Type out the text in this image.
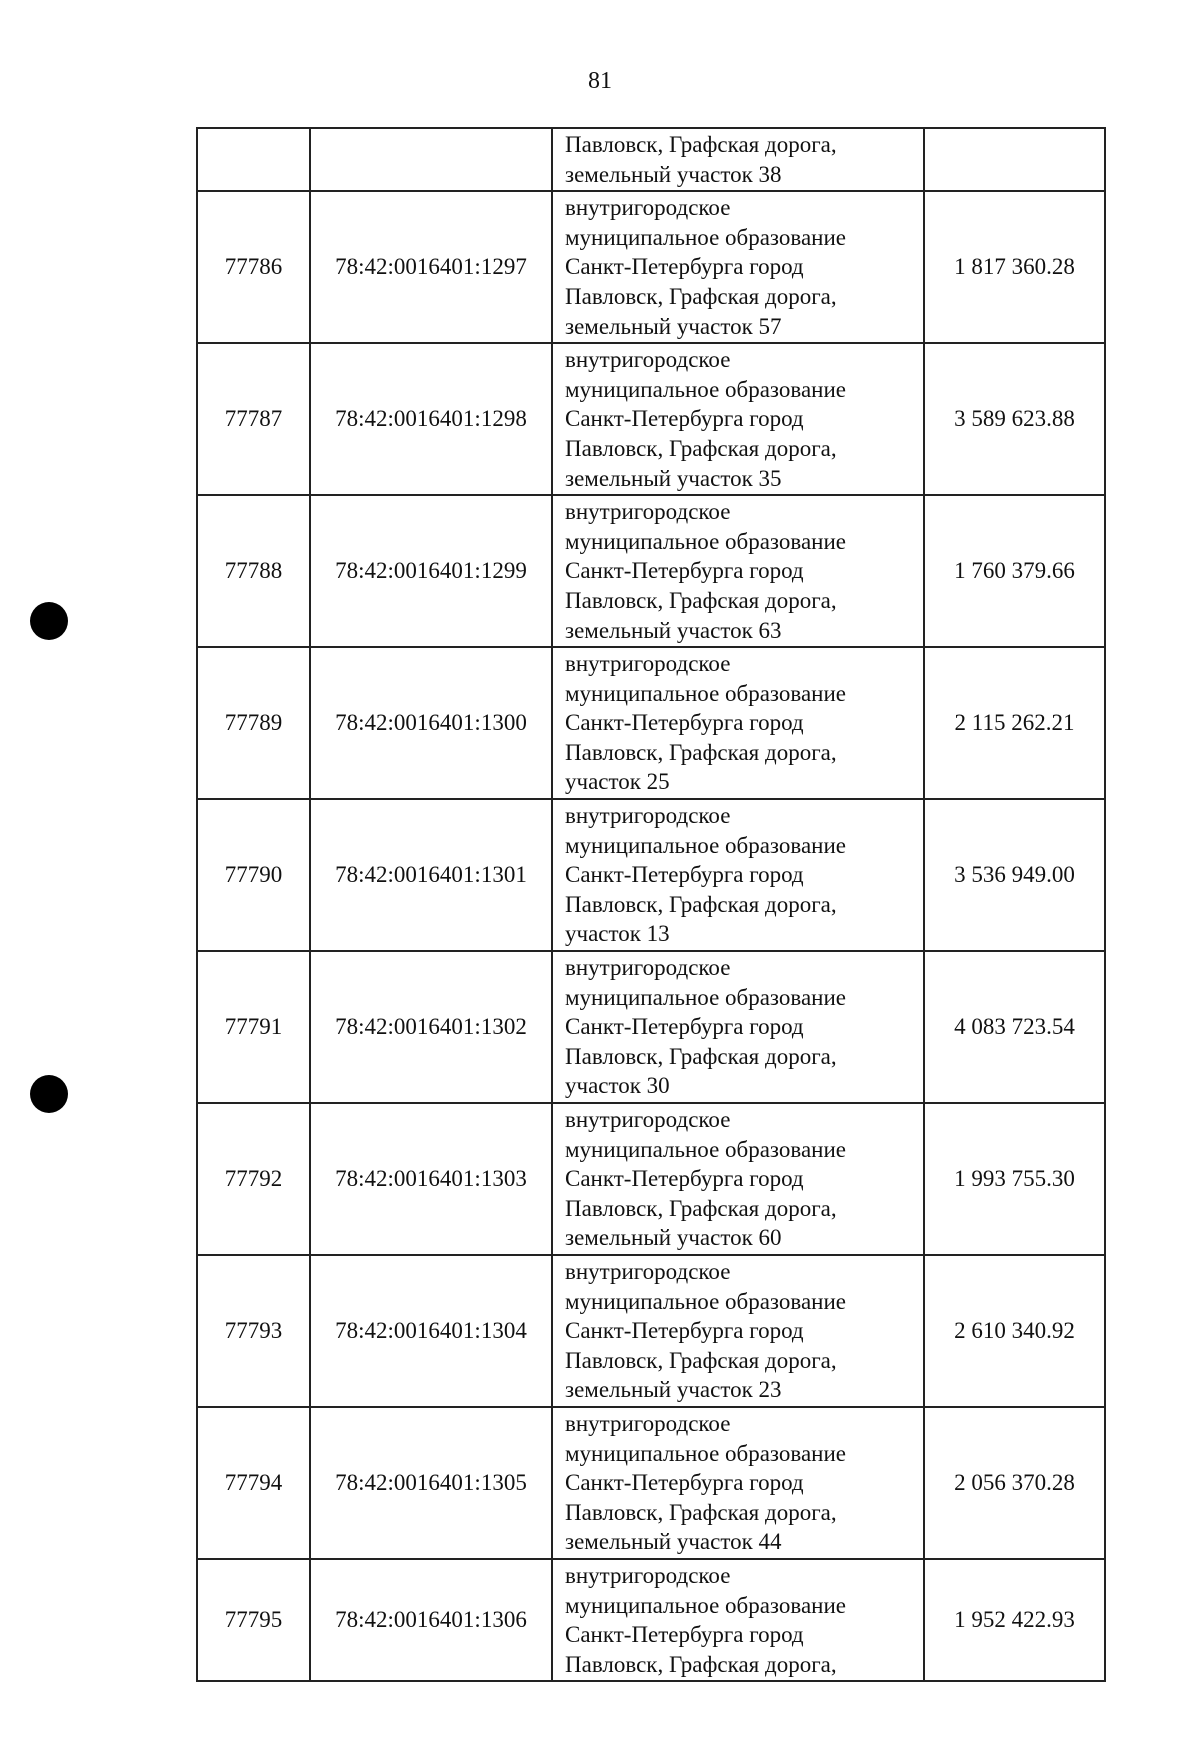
81

		Павловск, Графская дорога,
земельный участок 38	

77786	78:42:0016401:1297	внутригородское
муниципальное образование
Санкт-Петербурга город
Павловск, Графская дорога,
земельный участок 57	1 817 360.28
77787	78:42:0016401:1298	внутригородское
муниципальное образование
Санкт-Петербурга город
Павловск, Графская дорога,
земельный участок 35	3 589 623.88
77788	78:42:0016401:1299	внутригородское
муниципальное образование
Санкт-Петербурга город
Павловск, Графская дорога,
земельный участок 63	1 760 379.66
77789	78:42:0016401:1300	внутригородское
муниципальное образование
Санкт-Петербурга город
Павловск, Графская дорога,
участок 25	2 115 262.21
77790	78:42:0016401:1301	внутригородское
муниципальное образование
Санкт-Петербурга город
Павловск, Графская дорога,
участок 13	3 536 949.00
77791	78:42:0016401:1302	внутригородское
муниципальное образование
Санкт-Петербурга город
Павловск, Графская дорога,
участок 30	4 083 723.54
77792	78:42:0016401:1303	внутригородское
муниципальное образование
Санкт-Петербурга город
Павловск, Графская дорога,
земельный участок 60	1 993 755.30
77793	78:42:0016401:1304	внутригородское
муниципальное образование
Санкт-Петербурга город
Павловск, Графская дорога,
земельный участок 23	2 610 340.92
77794	78:42:0016401:1305	внутригородское
муниципальное образование
Санкт-Петербурга город
Павловск, Графская дорога,
земельный участок 44	2 056 370.28
77795	78:42:0016401:1306	внутригородское
муниципальное образование
Санкт-Петербурга город
Павловск, Графская дорога,	1 952 422.93
